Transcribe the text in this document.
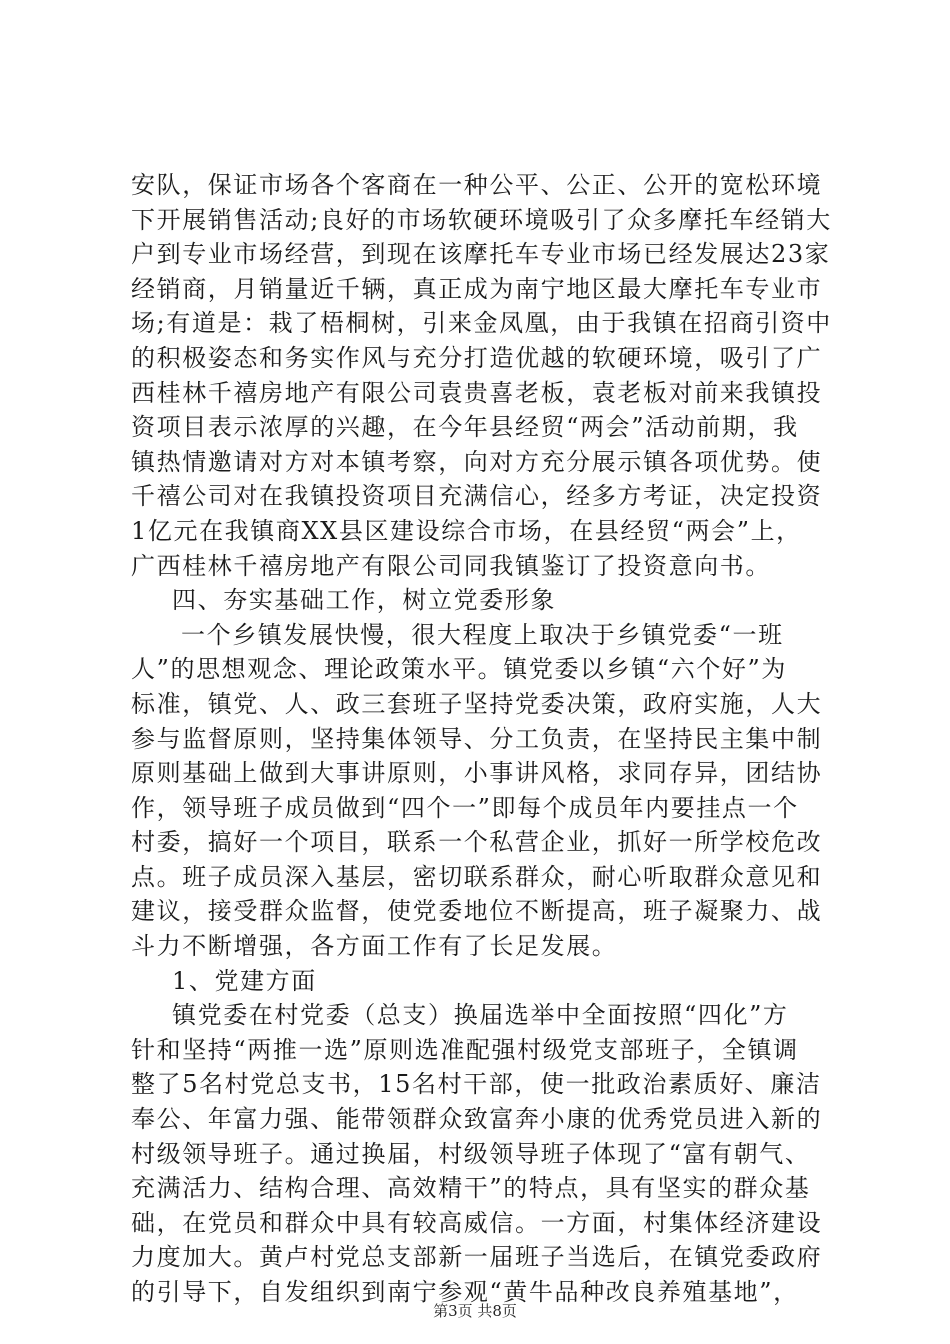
安队，保证市场各个客商在一种公平、公正、公开的宽松环境
下开展销售活动;良好的市场软硬环境吸引了众多摩托车经销大
户到专业市场经营，到现在该摩托车专业市场已经发展达23家
经销商，月销量近千辆，真正成为南宁地区最大摩托车专业市
场;有道是：栽了梧桐树，引来金凤凰，由于我镇在招商引资中
的积极姿态和务实作风与充分打造优越的软硬环境，吸引了广
西桂林千禧房地产有限公司袁贵喜老板，袁老板对前来我镇投
资项目表示浓厚的兴趣，在今年县经贸“两会”活动前期，我
镇热情邀请对方对本镇考察，向对方充分展示镇各项优势。使
千禧公司对在我镇投资项目充满信心，经多方考证，决定投资
1亿元在我镇商XX县区建设综合市场，在县经贸“两会”上，
广西桂林千禧房地产有限公司同我镇鉴订了投资意向书。
四、夯实基础工作，树立党委形象
一个乡镇发展快慢，很大程度上取决于乡镇党委“一班
人”的思想观念、理论政策水平。镇党委以乡镇“六个好”为
标准，镇党、人、政三套班子坚持党委决策，政府实施，人大
参与监督原则，坚持集体领导、分工负责，在坚持民主集中制
原则基础上做到大事讲原则，小事讲风格，求同存异，团结协
作，领导班子成员做到“四个一”即每个成员年内要挂点一个
村委，搞好一个项目，联系一个私营企业，抓好一所学校危改
点。班子成员深入基层，密切联系群众，耐心听取群众意见和
建议，接受群众监督，使党委地位不断提高，班子凝聚力、战
斗力不断增强，各方面工作有了长足发展。
1、党建方面
镇党委在村党委（总支）换届选举中全面按照“四化”方
针和坚持“两推一选”原则选准配强村级党支部班子，全镇调
整了5名村党总支书，15名村干部，使一批政治素质好、廉洁
奉公、年富力强、能带领群众致富奔小康的优秀党员进入新的
村级领导班子。通过换届，村级领导班子体现了“富有朝气、
充满活力、结构合理、高效精干”的特点，具有坚实的群众基
础，在党员和群众中具有较高威信。一方面，村集体经济建设
力度加大。黄卢村党总支部新一届班子当选后，在镇党委政府
的引导下，自发组织到南宁参观“黄牛品种改良养殖基地”，
第3页 共8页
